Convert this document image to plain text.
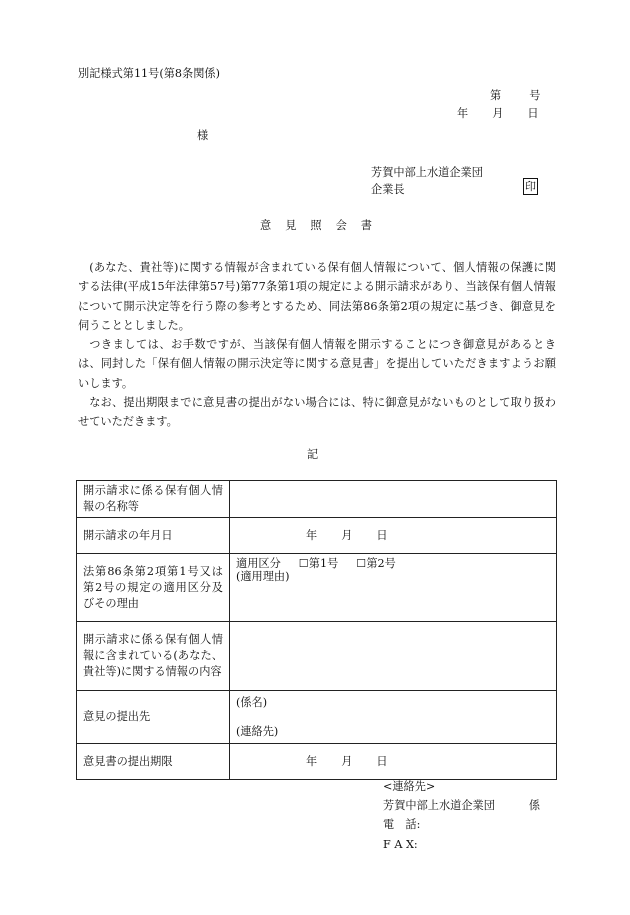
別記様式第11号(第8条関係)
第	号
年 月 日
様
芳賀中部上水道企業団
企業長	印
意見照会書

(あなた、貴社等)に関する情報が含まれている保有個人情報について、個人情報の保護に関する法律(平成15年法律第57号)第77条第1項の規定による開示請求があり、当該保有個人情報について開示決定等を行う際の参考とするため、同法第86条第2項の規定に基づき、御意見を伺うこととしました。

つきましては、お手数ですが、当該保有個人情報を開示することにつき御意見があるときは、同封した「保有個人情報の開示決定等に関する意見書」を提出していただきますようお願いします。

なお、提出期限までに意見書の提出がない場合には、特に御意見がないものとして取り扱わせていただきます。

記
開示請求に係る保有個人情報の名称等	
開示請求の年月日	年 月 日
法第86条第2項第1号又は第2号の規定の適用区分及びその理由	適用区分 ☐第1号 ☐第2号
(適用理由)

開示請求に係る保有個人情報に含まれている(あなた、貴社等)に関する情報の内容	
意見の提出先	(係名)
(連絡先)

意見書の提出期限	年 月 日
<連絡先>
芳賀中部上水道企業団	係
電　話:
F A X:
